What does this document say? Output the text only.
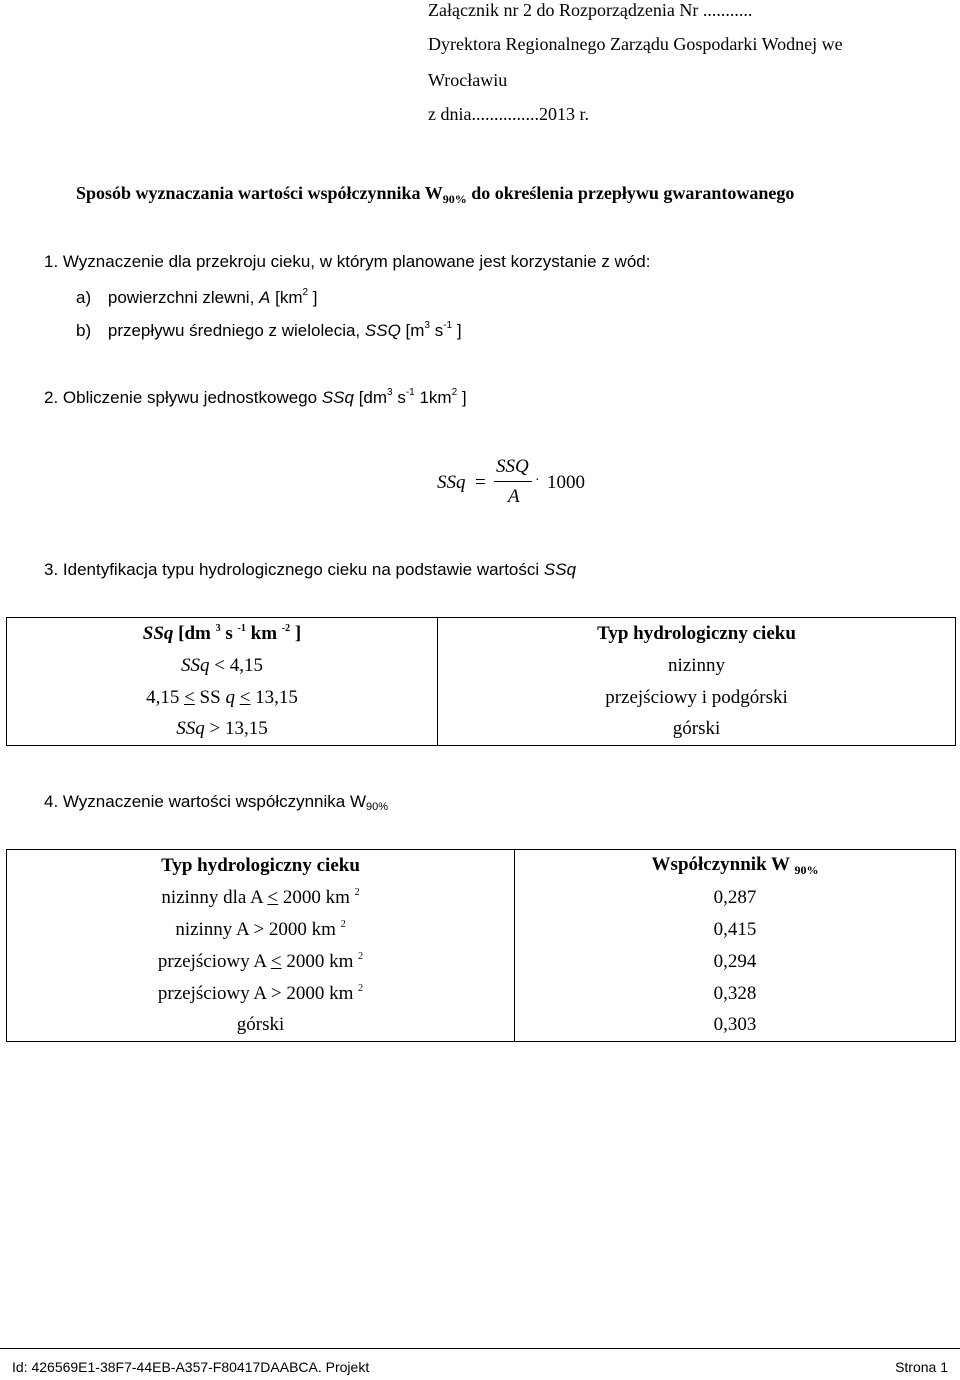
Załącznik nr 2 do Rozporządzenia Nr ...........
Dyrektora Regionalnego Zarządu Gospodarki Wodnej we
Wrocławiu
z dnia...............2013 r.
Sposób wyznaczania wartości współczynnika $W_{90\%}$ do określenia przepływu gwarantowanego
1. Wyznaczenie dla przekroju cieku, w którym planowane jest korzystanie z wód:
a) powierzchni zlewni, A [$km^2$ ]
b) przepływu średniego z wielolecia, SSQ [$m^3$ $s^{-1}$ ]
2. Obliczenie spływu jednostkowego SSq [$dm^3$ $s^{-1}$ $1km^2$ ]
SSq =
SSQ
A
· 1000
3. Identyfikacja typu hydrologicznego cieku na podstawie wartości SSq
SSq [dm $^3$ s $^{-1}$ km $^{-2}$ ]	Typ hydrologiczny cieku
SSq < 4,15	nizinny
4,15 < SS q < 13,15	przejściowy i podgórski
SSq > 13,15	górski
4. Wyznaczenie wartości współczynnika W90%
Typ hydrologiczny cieku	Współczynnik W $_{90\%}$
nizinny dla A ≤ 2000 km $^2$	0,287
nizinny A > 2000 km $^2$	0,415
przejściowy A ≤ 2000 km $^2$	0,294
przejściowy A > 2000 km $^2$	0,328
górski	0,303
Id: 426569E1-38F7-44EB-A357-F80417DAABCA. Projekt	Strona 1
